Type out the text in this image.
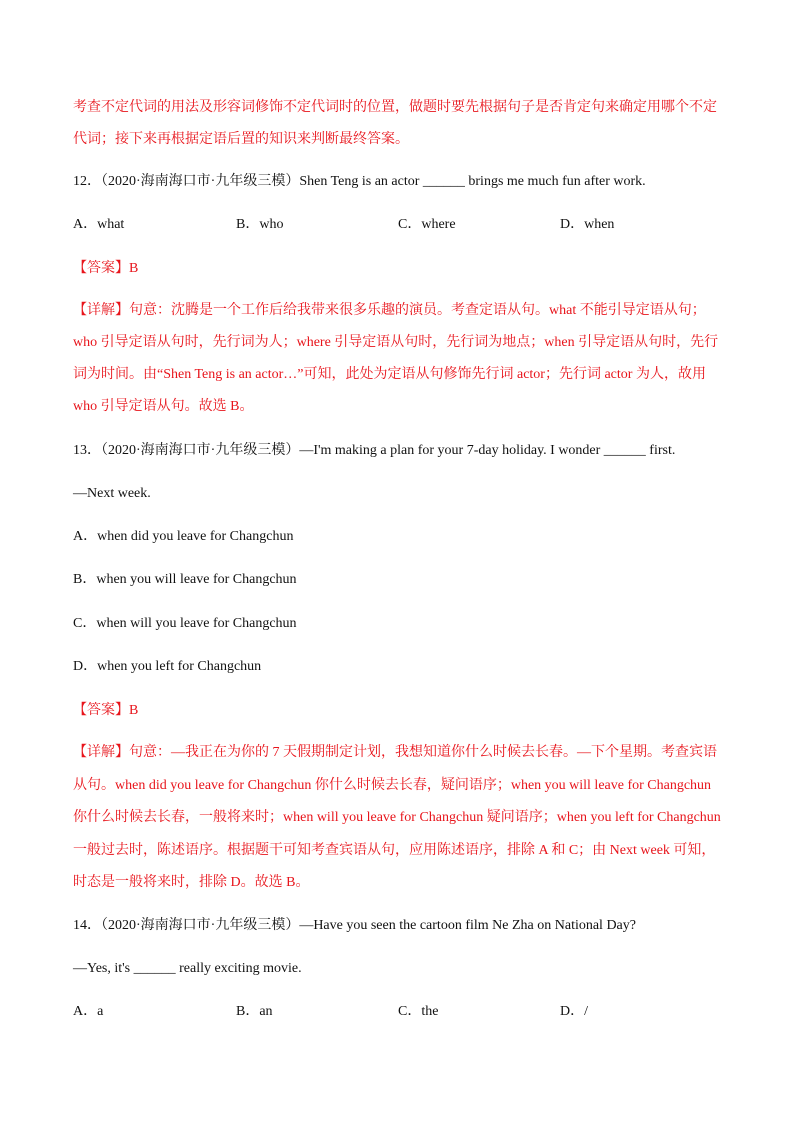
考查不定代词的用法及形容词修饰不定代词时的位置，做题时要先根据句子是否肯定句来确定用哪个不定
代词；接下来再根据定语后置的知识来判断最终答案。
12．（2020·海南海口市·九年级三模）Shen Teng is an actor ______ brings me much fun after work.
A．what	B．who	C．where	D．when
【答案】B
【详解】句意：沈腾是一个工作后给我带来很多乐趣的演员。考查定语从句。what 不能引导定语从句；
who 引导定语从句时，先行词为人；where 引导定语从句时，先行词为地点；when 引导定语从句时，先行
词为时间。由“Shen Teng is an actor…”可知，此处为定语从句修饰先行词 actor；先行词 actor 为人，故用
who 引导定语从句。故选 B。
13．（2020·海南海口市·九年级三模）—I'm making a plan for your 7-day holiday. I wonder ______ first.
—Next week.
A．when did you leave for Changchun
B．when you will leave for Changchun
C．when will you leave for Changchun
D．when you left for Changchun
【答案】B
【详解】句意：—我正在为你的 7 天假期制定计划，我想知道你什么时候去长春。—下个星期。考查宾语
从句。when did you leave for Changchun 你什么时候去长春，疑问语序；when you will leave for Changchun
你什么时候去长春，一般将来时；when will you leave for Changchun 疑问语序；when you left for Changchun
一般过去时，陈述语序。根据题干可知考查宾语从句，应用陈述语序，排除 A 和 C；由 Next week 可知，
时态是一般将来时，排除 D。故选 B。
14．（2020·海南海口市·九年级三模）—Have you seen the cartoon film Ne Zha on National Day?
—Yes, it's ______ really exciting movie.
A．a	B．an	C．the	D．/
